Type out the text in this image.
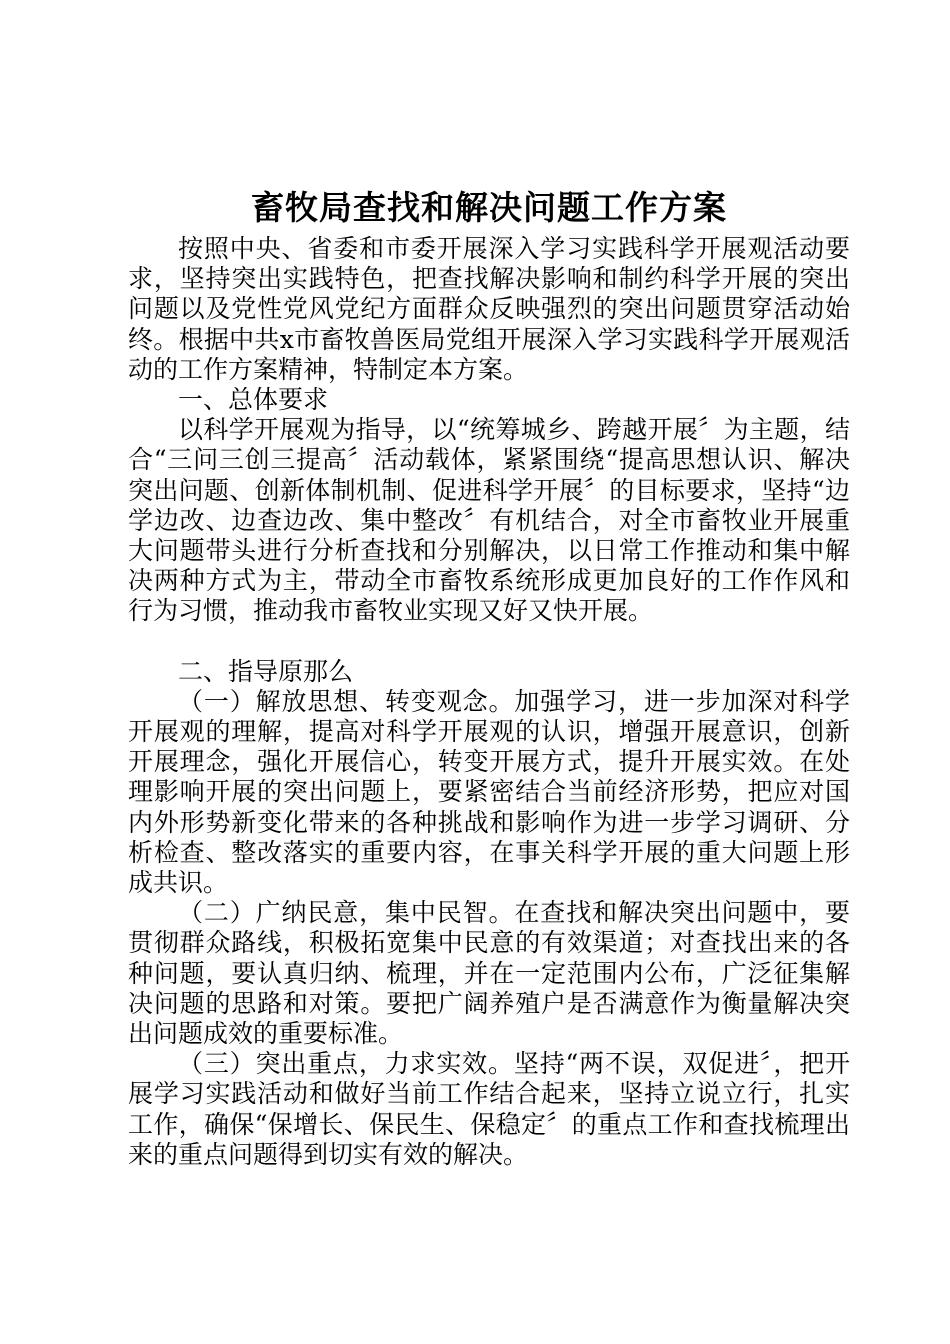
畜牧局查找和解决问题工作方案

按照中央、省委和市委开展深入学习实践科学开展观活动要求，坚持突出实践特色，把查找解决影响和制约科学开展的突出问题以及党性党风党纪方面群众反映强烈的突出问题贯穿活动始终。根据中共x市畜牧兽医局党组开展深入学习实践科学开展观活动的工作方案精神，特制定本方案。

一、总体要求

以科学开展观为指导，以“统筹城乡、跨越开展〞为主题，结合“三问三创三提高〞活动载体，紧紧围绕“提高思想认识、解决突出问题、创新体制机制、促进科学开展〞的目标要求，坚持“边学边改、边查边改、集中整改〞有机结合，对全市畜牧业开展重大问题带头进行分析查找和分别解决，以日常工作推动和集中解决两种方式为主，带动全市畜牧系统形成更加良好的工作作风和行为习惯，推动我市畜牧业实现又好又快开展。

二、指导原那么

（一）解放思想、转变观念。加强学习，进一步加深对科学开展观的理解，提高对科学开展观的认识，增强开展意识，创新开展理念，强化开展信心，转变开展方式，提升开展实效。在处理影响开展的突出问题上，要紧密结合当前经济形势，把应对国内外形势新变化带来的各种挑战和影响作为进一步学习调研、分析检查、整改落实的重要内容，在事关科学开展的重大问题上形成共识。

（二）广纳民意，集中民智。在查找和解决突出问题中，要贯彻群众路线，积极拓宽集中民意的有效渠道；对查找出来的各种问题，要认真归纳、梳理，并在一定范围内公布，广泛征集解决问题的思路和对策。要把广阔养殖户是否满意作为衡量解决突出问题成效的重要标准。

（三）突出重点，力求实效。坚持“两不误，双促进〞，把开展学习实践活动和做好当前工作结合起来，坚持立说立行，扎实工作，确保“保增长、保民生、保稳定〞的重点工作和查找梳理出来的重点问题得到切实有效的解决。
